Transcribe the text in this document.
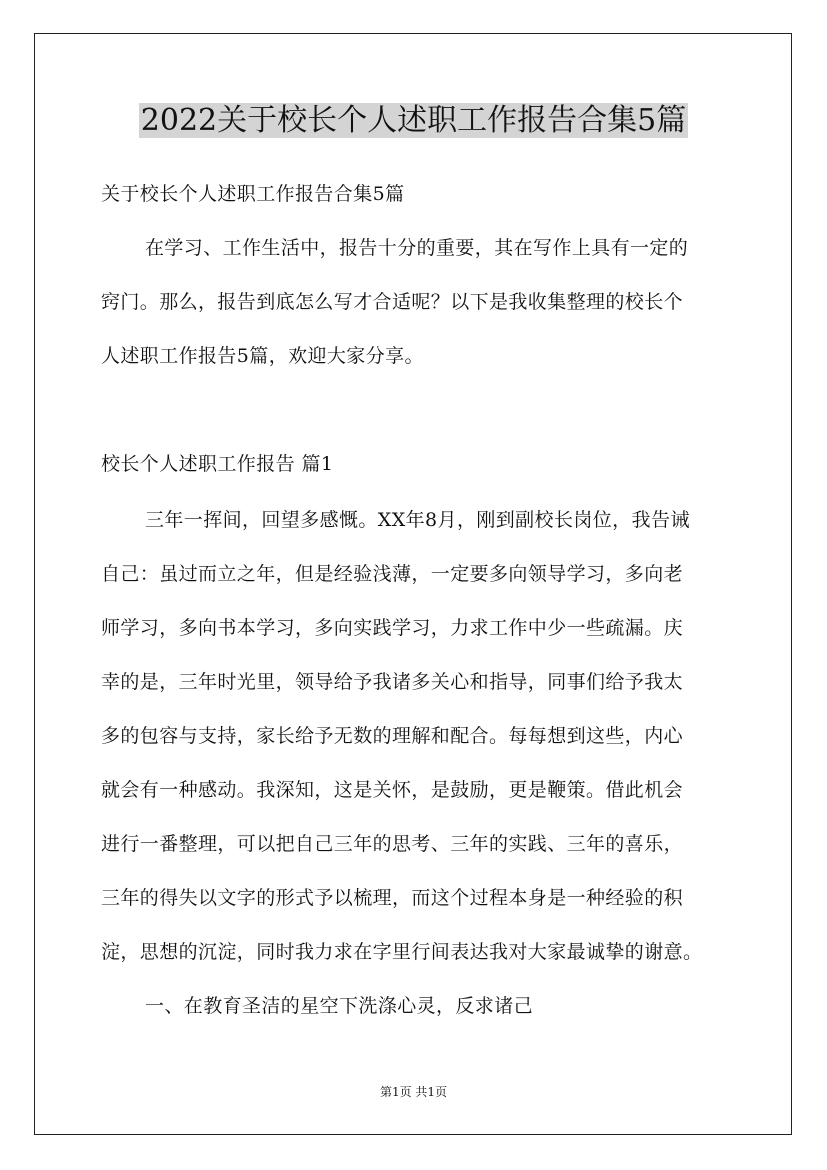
2022关于校长个人述职工作报告合集5篇
关于校长个人述职工作报告合集5篇
在学习、工作生活中，报告十分的重要，其在写作上具有一定的
窍门。那么，报告到底怎么写才合适呢？以下是我收集整理的校长个
人述职工作报告5篇，欢迎大家分享。
校长个人述职工作报告 篇1
三年一挥间，回望多感慨。XX年8月，刚到副校长岗位，我告诫
自己：虽过而立之年，但是经验浅薄，一定要多向领导学习，多向老
师学习，多向书本学习，多向实践学习，力求工作中少一些疏漏。庆
幸的是，三年时光里，领导给予我诸多关心和指导，同事们给予我太
多的包容与支持，家长给予无数的理解和配合。每每想到这些，内心
就会有一种感动。我深知，这是关怀，是鼓励，更是鞭策。借此机会
进行一番整理，可以把自己三年的思考、三年的实践、三年的喜乐，
三年的得失以文字的形式予以梳理，而这个过程本身是一种经验的积
淀，思想的沉淀，同时我力求在字里行间表达我对大家最诚挚的谢意。
一、在教育圣洁的星空下洗涤心灵，反求诸己
第1页 共1页
